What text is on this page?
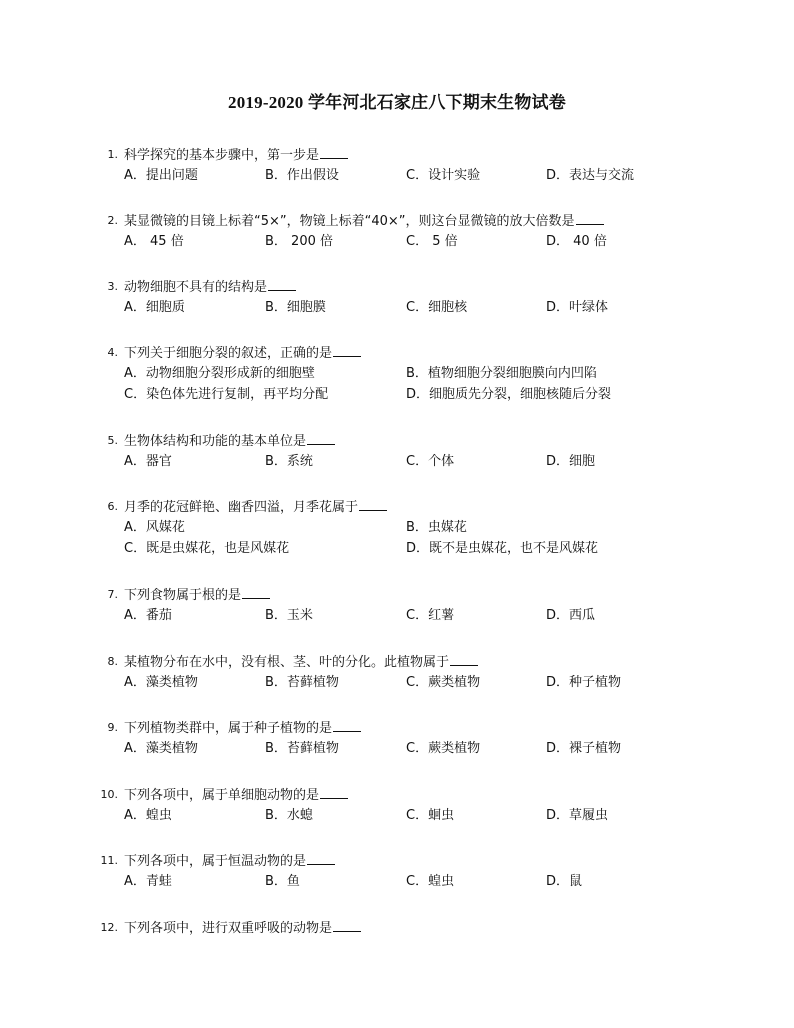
2019-2020 学年河北石家庄八下期末生物试卷
1. 科学探究的基本步骤中，第一步是
A．提出问题	B．作出假设	C．设计实验	D．表达与交流
2. 某显微镜的目镜上标着“5×”，物镜上标着“40×”，则这台显微镜的放大倍数是
A． 45 倍	B． 200 倍	C． 5 倍	D． 40 倍
3. 动物细胞不具有的结构是
A．细胞质	B．细胞膜	C．细胞核	D．叶绿体
4. 下列关于细胞分裂的叙述，正确的是
A．动物细胞分裂形成新的细胞壁	B．植物细胞分裂细胞膜向内凹陷
C．染色体先进行复制，再平均分配	D．细胞质先分裂，细胞核随后分裂
5. 生物体结构和功能的基本单位是
A．器官	B．系统	C．个体	D．细胞
6. 月季的花冠鲜艳、幽香四溢，月季花属于
A．风媒花	B．虫媒花
C．既是虫媒花，也是风媒花	D．既不是虫媒花，也不是风媒花
7. 下列食物属于根的是
A．番茄	B．玉米	C．红薯	D．西瓜
8. 某植物分布在水中，没有根、茎、叶的分化。此植物属于
A．藻类植物	B．苔藓植物	C．蕨类植物	D．种子植物
9. 下列植物类群中，属于种子植物的是
A．藻类植物	B．苔藓植物	C．蕨类植物	D．裸子植物
10. 下列各项中，属于单细胞动物的是
A．蝗虫	B．水螅	C．蛔虫	D．草履虫
11. 下列各项中，属于恒温动物的是
A．青蛙	B．鱼	C．蝗虫	D．鼠
12. 下列各项中，进行双重呼吸的动物是
